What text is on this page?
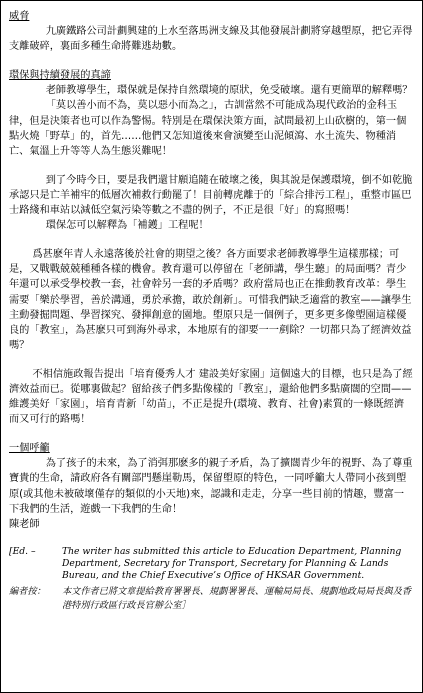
威脅

九廣鐵路公司計劃興建的上水至落馬洲支線及其他發展計劃將穿越塱原，把它弄得支離破碎，裏面多種生命將難逃劫數。

環保與持續發展的真諦

老師教導學生，環保就是保持自然環境的原狀，免受破壞。還有更簡單的解釋嗎？

「莫以善小而不為，莫以惡小而為之」，古訓當然不可能成為現代政治的金科玉律，但是決策者也可以作為警惕。特別是在環保決策方面，試問最初上山砍樹的，第一個點火燒「野草」的，首先……他們又怎知道後來會演變至山泥傾瀉、水土流失、物種消亡、氣溫上升等等人為生態災難呢！

到了今時今日，要是我們還甘願追隨在破壞之後，與其說是保護環境，倒不如乾脆承認只是亡羊補牢的低層次補救行動罷了！目前轉虎離于的「綜合排污工程」，重整市區巴士路綫和車站以減低空氣污染等數之不盡的例子，不正是很「好」的寫照嗎！

環保怎可以解釋為「補鑊」工程呢！

爲甚麽年青人永遠落後於社會的期望之後？各方面要求老師教導學生這樣那樣；可是，又戰戰兢兢種種各樣的機會。教育還可以停留在「老師講，學生聽」的局面嗎？青少年還可以承受學校教一套，社會幹另一套的矛盾嗎？政府當局也正在推動教育改革：學生需要「樂於學習，善於溝通，勇於承擔，敢於創新」。可惜我們缺乏適當的教室——讓學生主動發掘問題、學習探究、發揮創意的園地。塱原只是一個例子，更多更多像塱園這樣優良的「教室」，為甚麽只可到海外尋求，本地原有的卻要一一剷除？一切都只為了經濟效益嗎？

不相信施政報告提出「培育優秀人才 建設美好家園」這個遠大的目標，也只是為了經濟效益而已。從哪裏做起？留給孩子們多點像樣的「教室」，還給他們多點廣闊的空間——維護美好「家園」，培育青新「幼苗」，不正是提升(環境、教育、社會)素質的一條既經濟而又可行的路嗎！

一個呼籲

為了孩子的未來，為了消弭那麽多的親子矛盾，為了擴闊青少年的視野、為了尊重寶貴的生命，請政府各有關部門懸崖勒馬，保留塱原的特色，一同呼籲大人帶同小孩到塱原(或其他未被破壞僅存的類似的小天地)來，認識和走走，分享一些目前的情趣，豐富一下我們的生活，遊戲一下我們的生命！

陳老師

[Ed. –	The writer has submitted this article to Education Department, Planning Department, Secretary for Transport, Secretary for Planning & Lands Bureau, and the Chief Executive’s Office of HKSAR Government.
編者按：	本文作者已將文章提給教育署署長、規劃署署長、運輸局局長、規劃地政局局長與及香港特別行政區行政長官辦公室］
